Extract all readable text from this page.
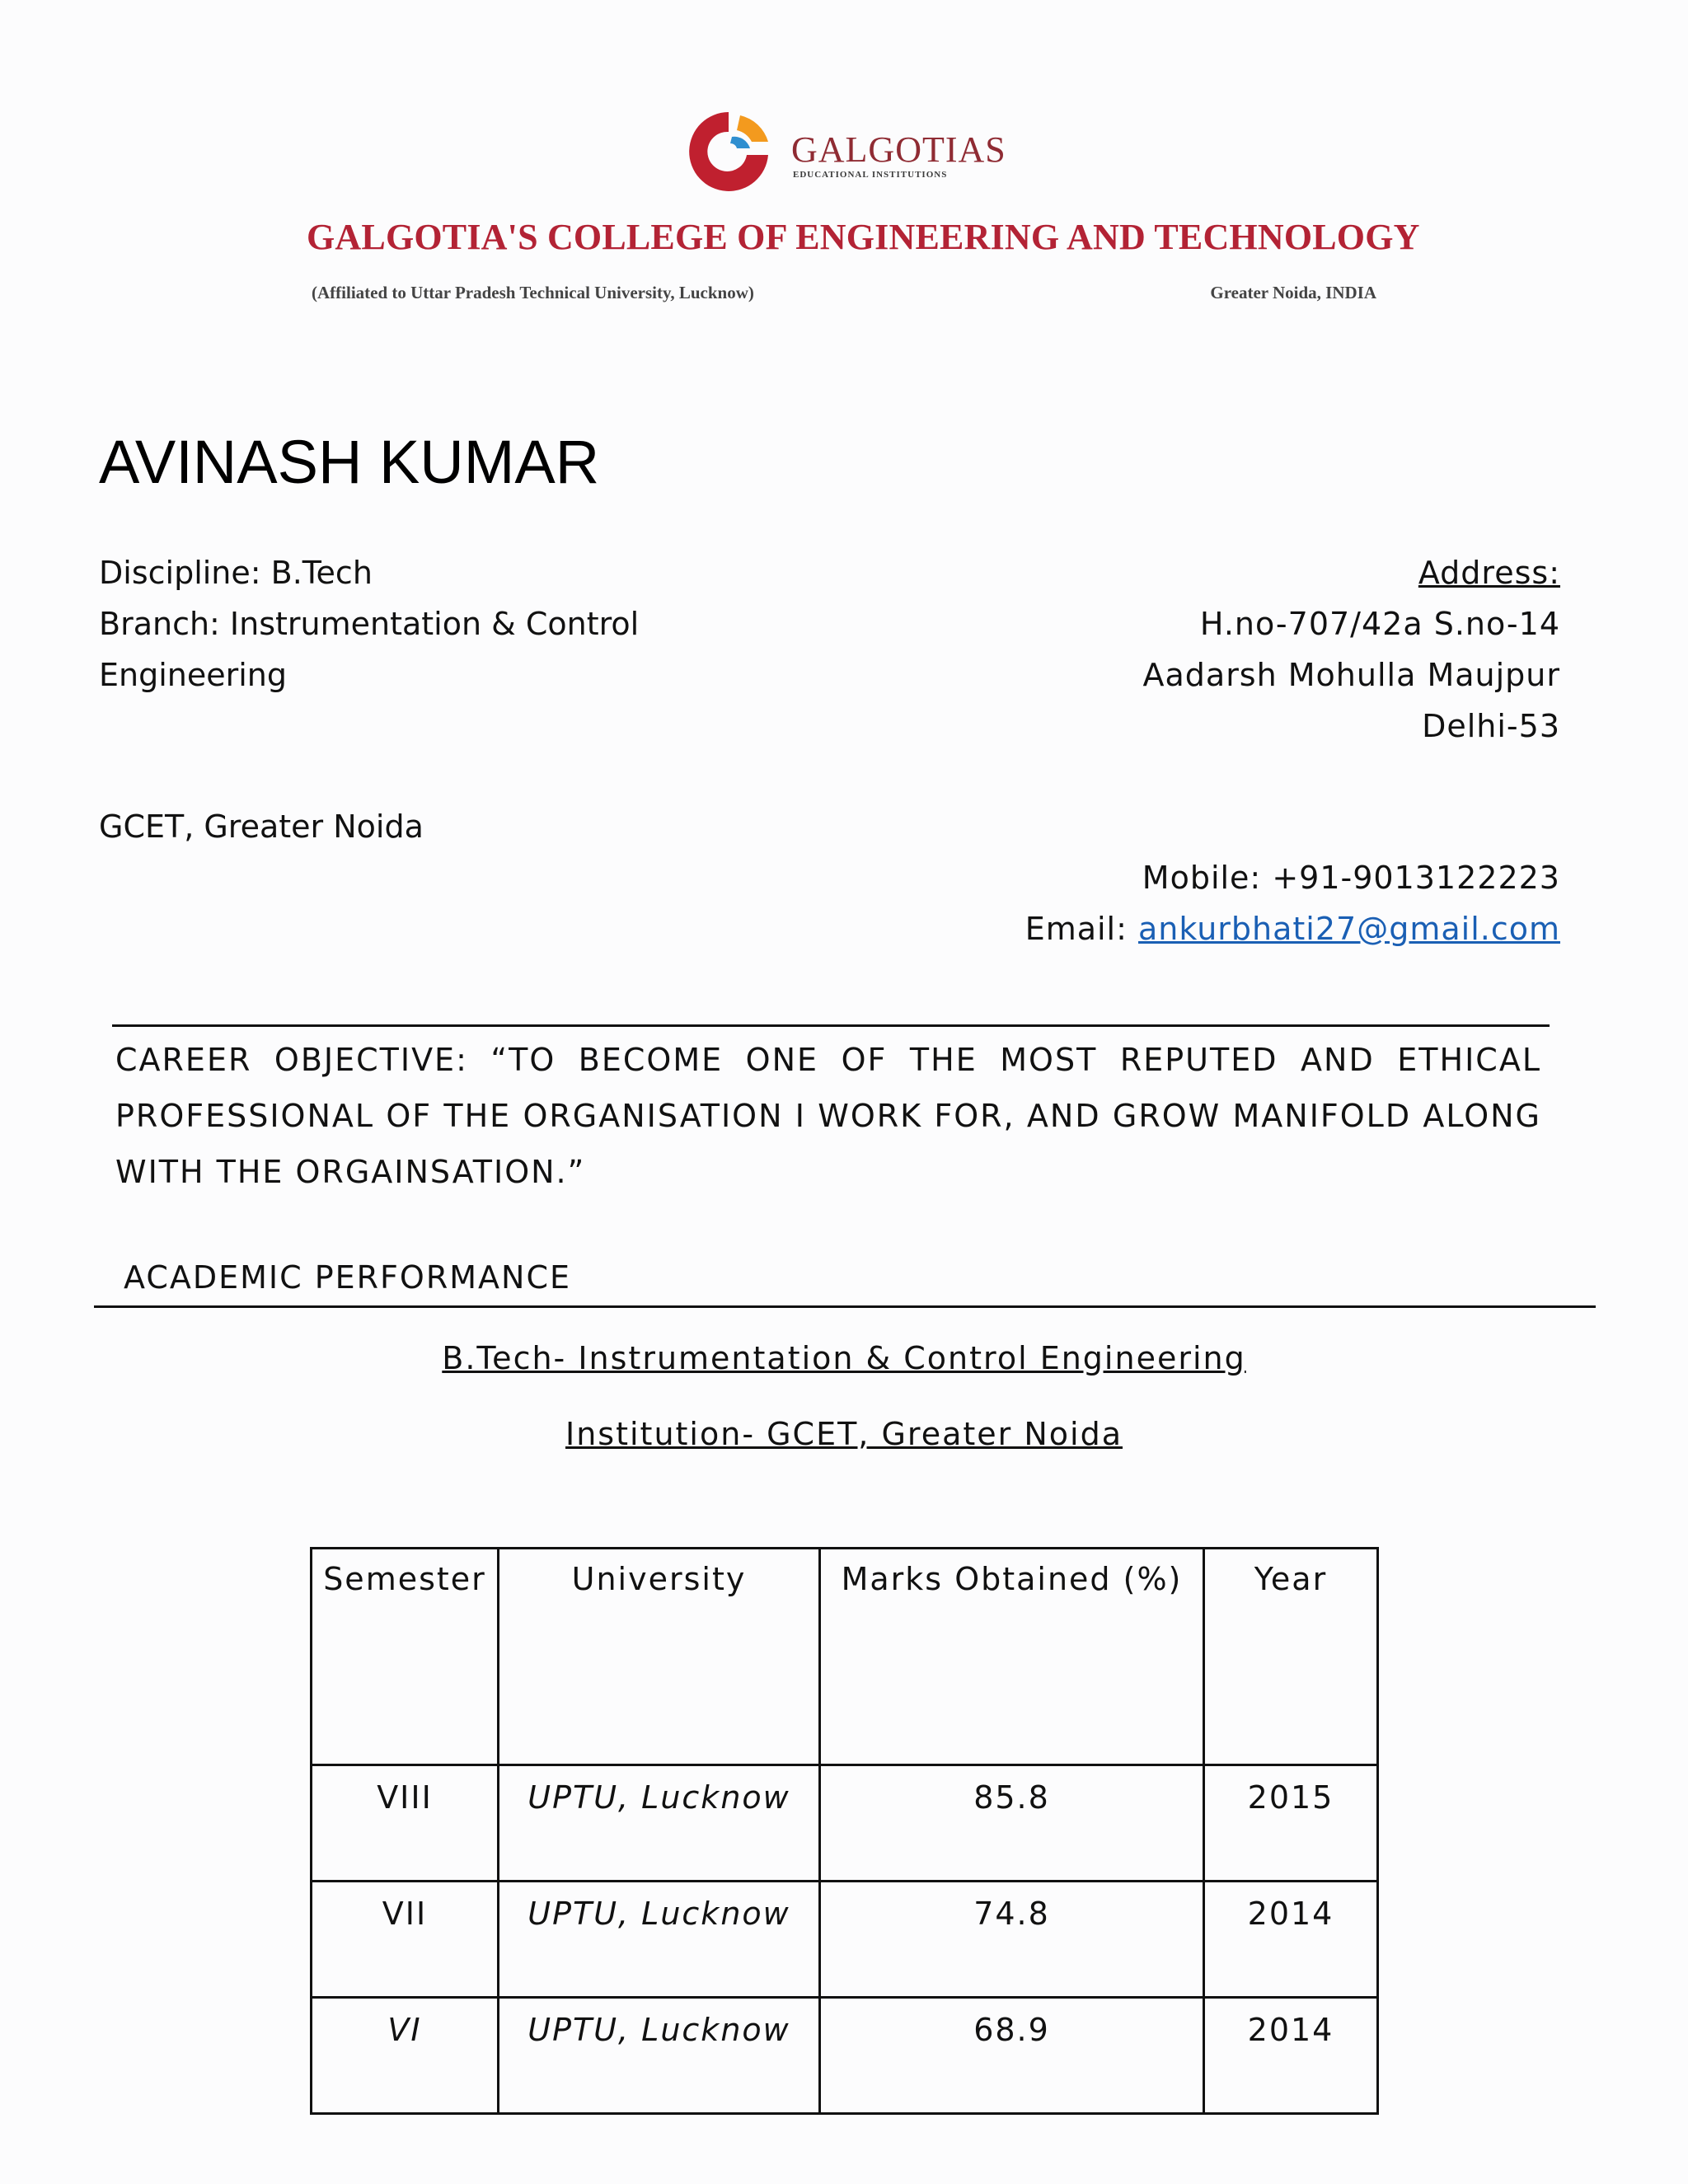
GALGOTIAS
EDUCATIONAL INSTITUTIONS
GALGOTIA'S COLLEGE OF ENGINEERING AND TECHNOLOGY
(Affiliated to Uttar Pradesh Technical University, Lucknow)	Greater Noida, INDIA
AVINASH KUMAR
Discipline: B.Tech
Branch: Instrumentation & Control
Engineering
GCET, Greater Noida
Address:
H.no-707/42a S.no-14
Aadarsh Mohulla Maujpur
Delhi-53
Mobile: +91-9013122223
Email: ankurbhati27@gmail.com
CAREER OBJECTIVE: “TO BECOME ONE OF THE MOST REPUTED AND ETHICAL PROFESSIONAL OF THE ORGANISATION I WORK FOR, AND GROW MANIFOLD ALONG WITH THE ORGAINSATION.”
ACADEMIC PERFORMANCE
B.Tech- Instrumentation & Control Engineering
Institution- GCET, Greater Noida
Semester	University	Marks Obtained (%)	Year
VIII	UPTU, Lucknow	85.8	2015
VII	UPTU, Lucknow	74.8	2014
VI	UPTU, Lucknow	68.9	2014
